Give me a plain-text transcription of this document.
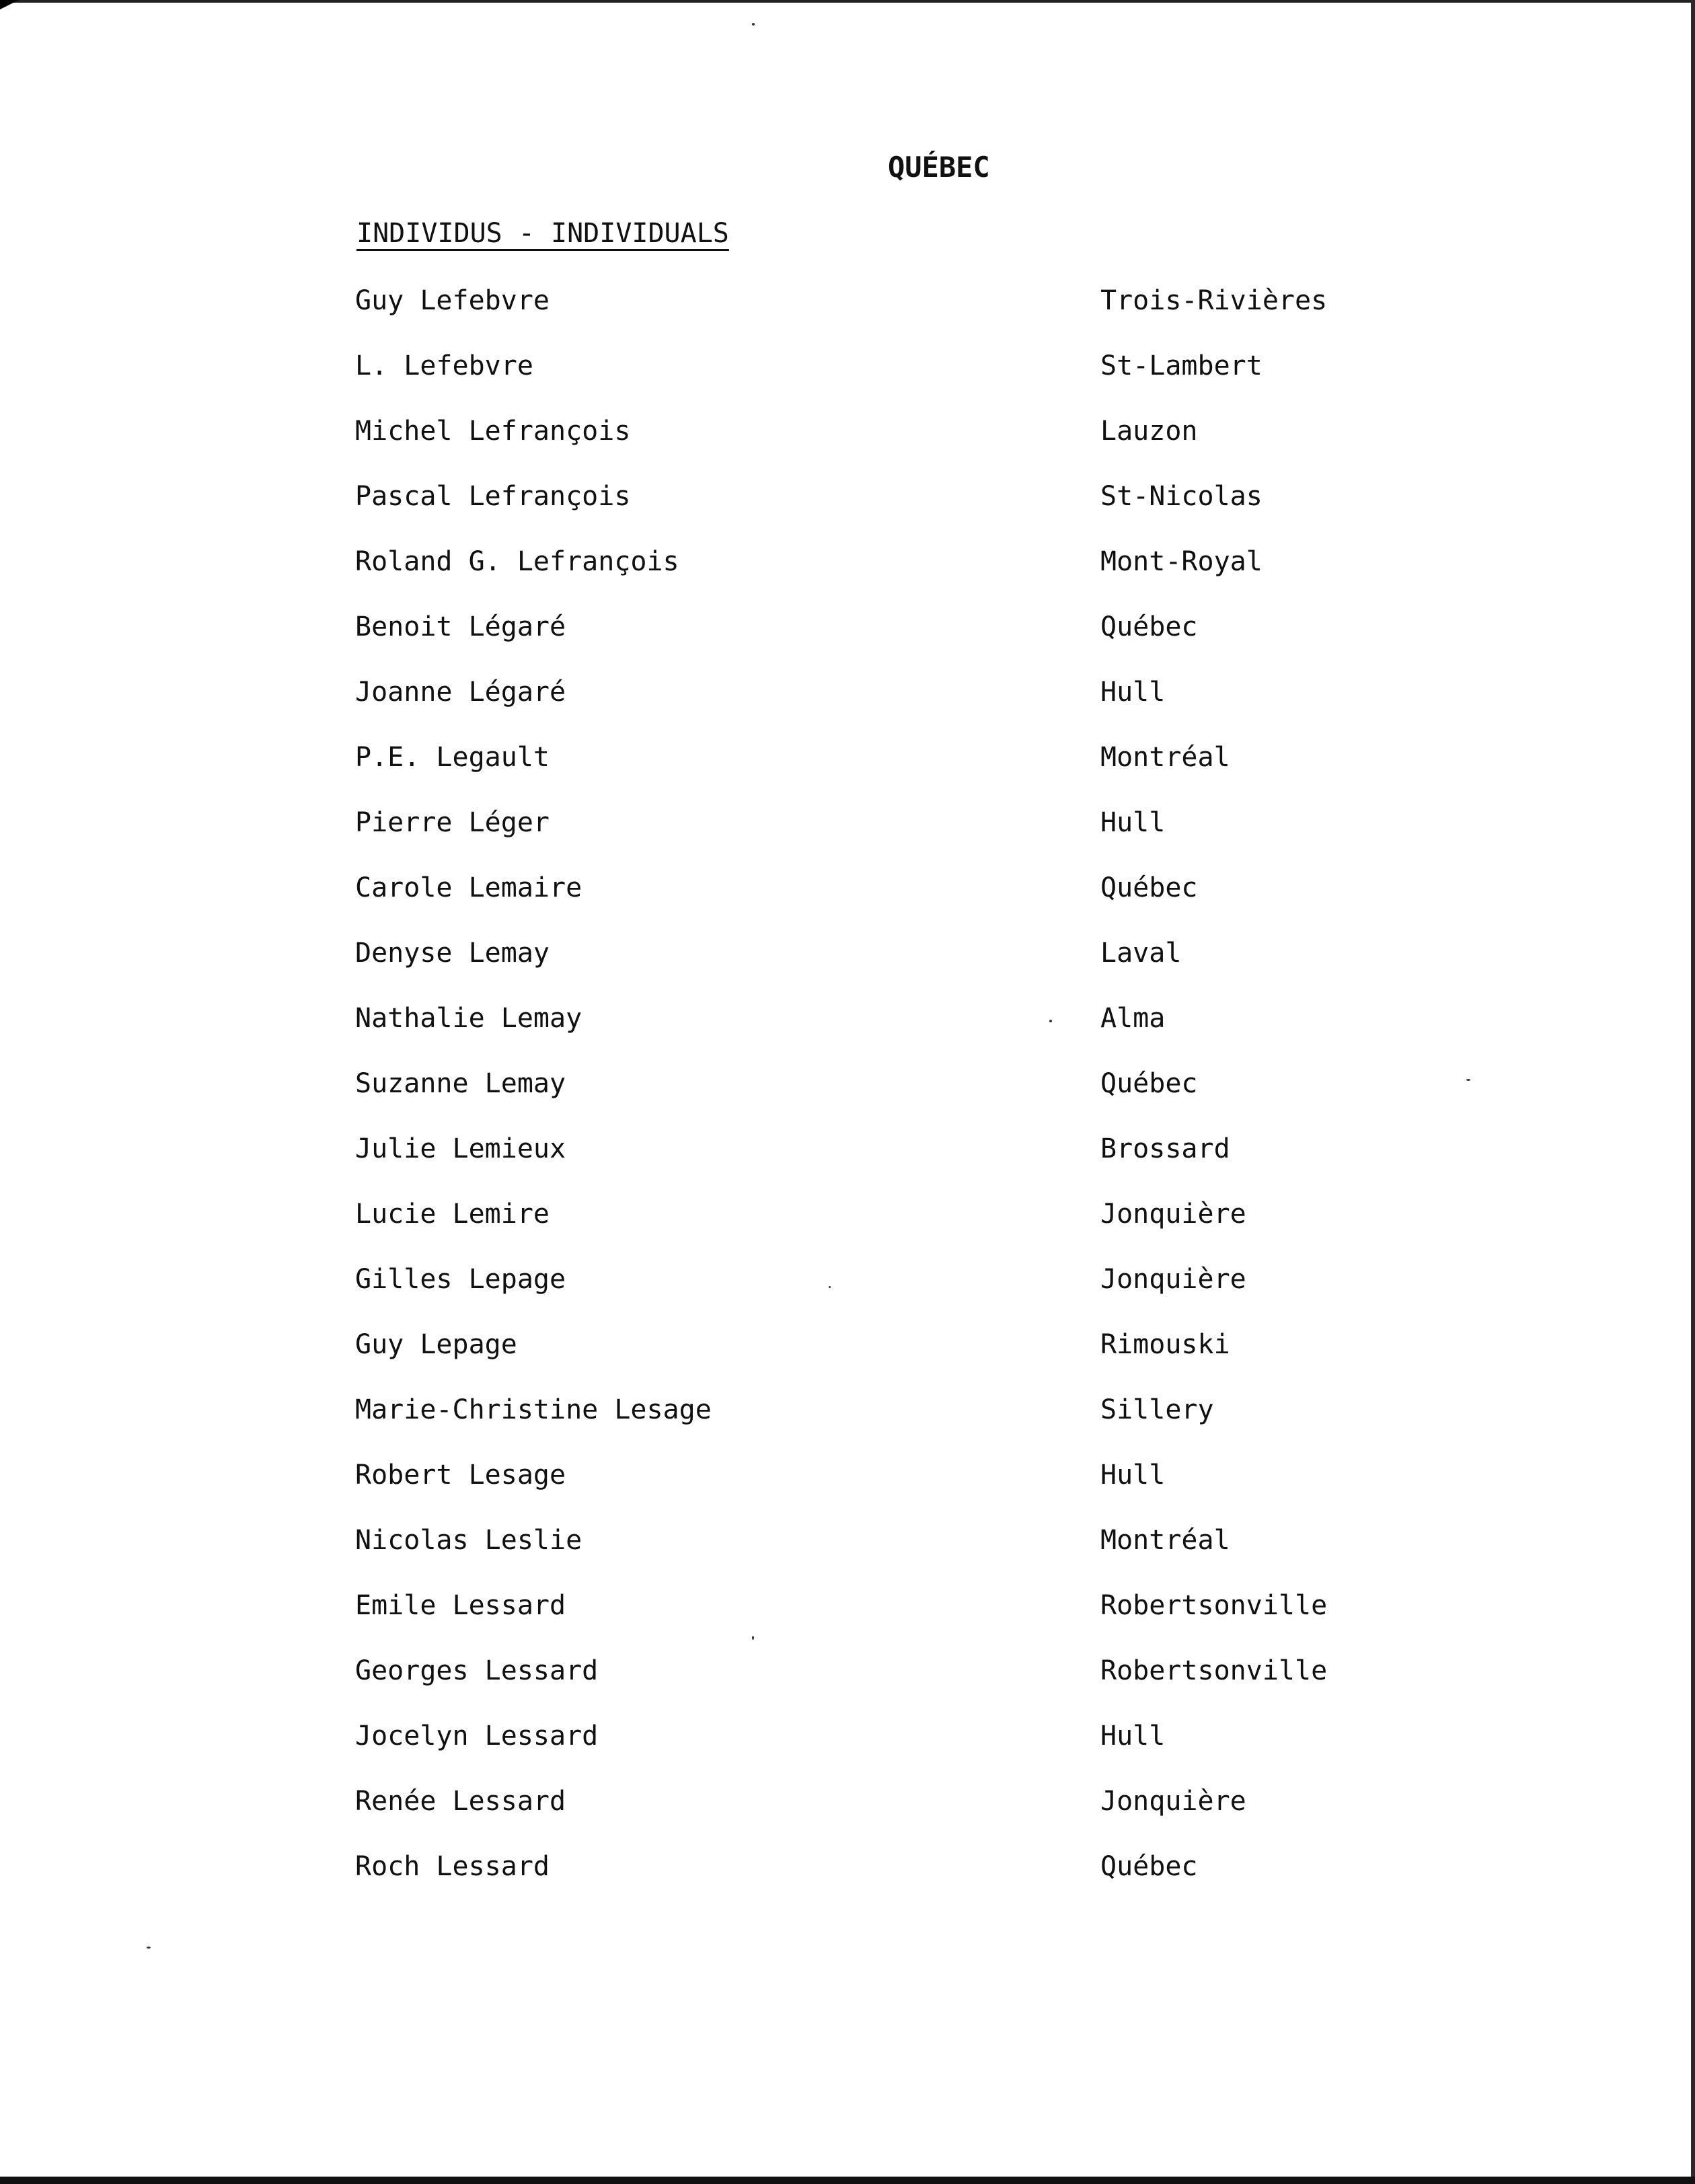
QUÉBEC
INDIVIDUS - INDIVIDUALS
Guy Lefebvre	Trois-Rivières
L. Lefebvre	St-Lambert
Michel Lefrançois	Lauzon
Pascal Lefrançois	St-Nicolas
Roland G. Lefrançois	Mont-Royal
Benoit Légaré	Québec
Joanne Légaré	Hull
P.E. Legault	Montréal
Pierre Léger	Hull
Carole Lemaire	Québec
Denyse Lemay	Laval
Nathalie Lemay	Alma
Suzanne Lemay	Québec
Julie Lemieux	Brossard
Lucie Lemire	Jonquière
Gilles Lepage	Jonquière
Guy Lepage	Rimouski
Marie-Christine Lesage	Sillery
Robert Lesage	Hull
Nicolas Leslie	Montréal
Emile Lessard	Robertsonville
Georges Lessard	Robertsonville
Jocelyn Lessard	Hull
Renée Lessard	Jonquière
Roch Lessard	Québec
